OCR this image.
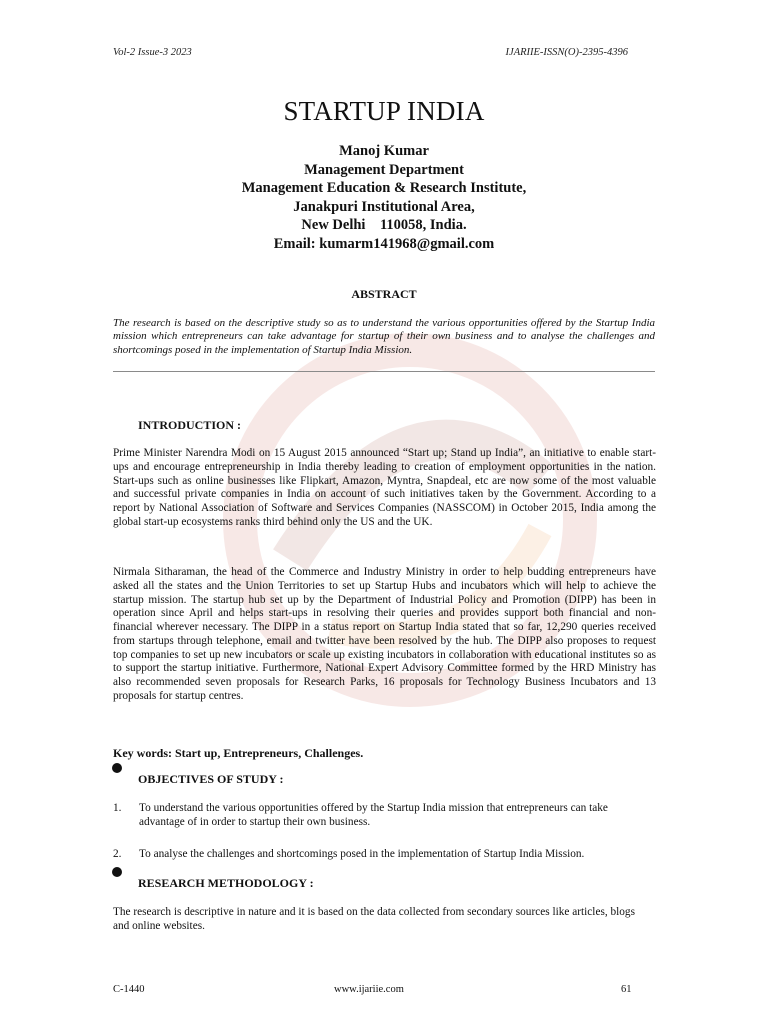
Vol-2 Issue-3 2023	IJARIIE-ISSN(O)-2395-4396
STARTUP INDIA
Manoj Kumar
Management Department
Management Education & Research Institute,
Janakpuri Institutional Area,
New Delhi    110058, India.
Email: kumarm141968@gmail.com
ABSTRACT
The research is based on the descriptive study so as to understand the various opportunities offered by the Startup India mission which entrepreneurs can take advantage for startup of their own business and to analyse the challenges and shortcomings posed in the implementation of Startup India Mission.
INTRODUCTION :
Prime Minister Narendra Modi on 15 August 2015 announced “Start up; Stand up India”, an initiative to enable start-ups and encourage entrepreneurship in India thereby leading to creation of employment opportunities in the nation. Start-ups such as online businesses like Flipkart, Amazon, Myntra, Snapdeal, etc are now some of the most valuable and successful private companies in India on account of such initiatives taken by the Government. According to a report by National Association of Software and Services Companies (NASSCOM) in October 2015, India among the global start-up ecosystems ranks third behind only the US and the UK.
Nirmala Sitharaman, the head of the Commerce and Industry Ministry in order to help budding entrepreneurs have asked all the states and the Union Territories to set up Startup Hubs and incubators which will help to achieve the startup mission. The startup hub set up by the Department of Industrial Policy and Promotion (DIPP) has been in operation since April and helps start-ups in resolving their queries and provides support both financial and non- financial wherever necessary. The DIPP in a status report on Startup India stated that so far, 12,290 queries received from startups through telephone, email and twitter have been resolved by the hub. The DIPP also proposes to request top companies to set up new incubators or scale up existing incubators in collaboration with educational institutes so as to support the startup initiative. Furthermore, National Expert Advisory Committee formed by the HRD Ministry has also recommended seven proposals for Research Parks, 16 proposals for Technology Business Incubators and 13 proposals for startup centres.
Key words: Start up, Entrepreneurs, Challenges.
OBJECTIVES OF STUDY :
1. To understand the various opportunities offered by the Startup India mission that entrepreneurs can take advantage of in order to startup their own business.
2. To analyse the challenges and shortcomings posed in the implementation of Startup India Mission.
RESEARCH METHODOLOGY :
The research is descriptive in nature and it is based on the data collected from secondary sources like articles, blogs and online websites.
C-1440	www.ijariie.com	61
